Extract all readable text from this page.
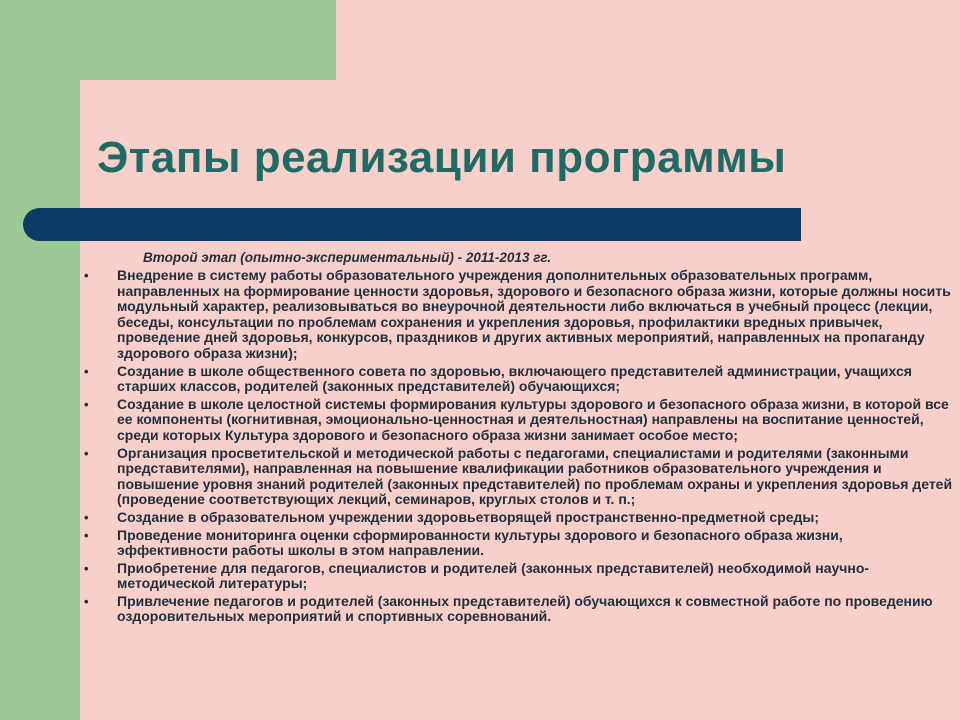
Этапы реализации программы

Второй этап (опытно-экспериментальный) - 2011-2013 гг.

• Внедрение в систему работы образовательного учреждения дополнительных образовательных программ, направленных на формирование ценности здоровья, здорового и безопасного образа жизни, которые должны носить модульный характер, реализовываться во внеурочной деятельности либо включаться в учебный процесс (лекции, беседы, консультации по проблемам сохранения и укрепления здоровья, профилактики вредных привычек, проведение дней здоровья, конкурсов, праздников и других активных мероприятий, направленных на пропаганду здорового образа жизни);
• Создание в школе общественного совета по здоровью, включающего представителей администрации, учащихся старших классов, родителей (законных представителей) обучающихся;
• Создание в школе целостной системы формирования культуры здорового и безопасного образа жизни, в которой все ее компоненты (когнитивная, эмоционально-ценностная и деятельностная) направлены на воспитание ценностей, среди которых Культура здорового и безопасного образа жизни занимает особое место;
• Организация просветительской и методической работы с педагогами, специалистами и родителями (законными представителями), направленная на повышение квалификации работников образовательного учреждения и повышение уровня знаний родителей (законных представителей) по проблемам охраны и укрепления здоровья детей (проведение соответствующих лекций, семинаров, круглых столов и т. п.;
• Создание в образовательном учреждении здоровьетворящей пространственно-предметной среды;
• Проведение мониторинга оценки сформированности культуры здорового и безопасного образа жизни, эффективности работы школы в этом направлении.
• Приобретение для педагогов, специалистов и родителей (законных представителей) необходимой научно-методической литературы;
• Привлечение педагогов и родителей (законных представителей) обучающихся к совместной работе по проведению оздоровительных мероприятий и спортивных соревнований.
